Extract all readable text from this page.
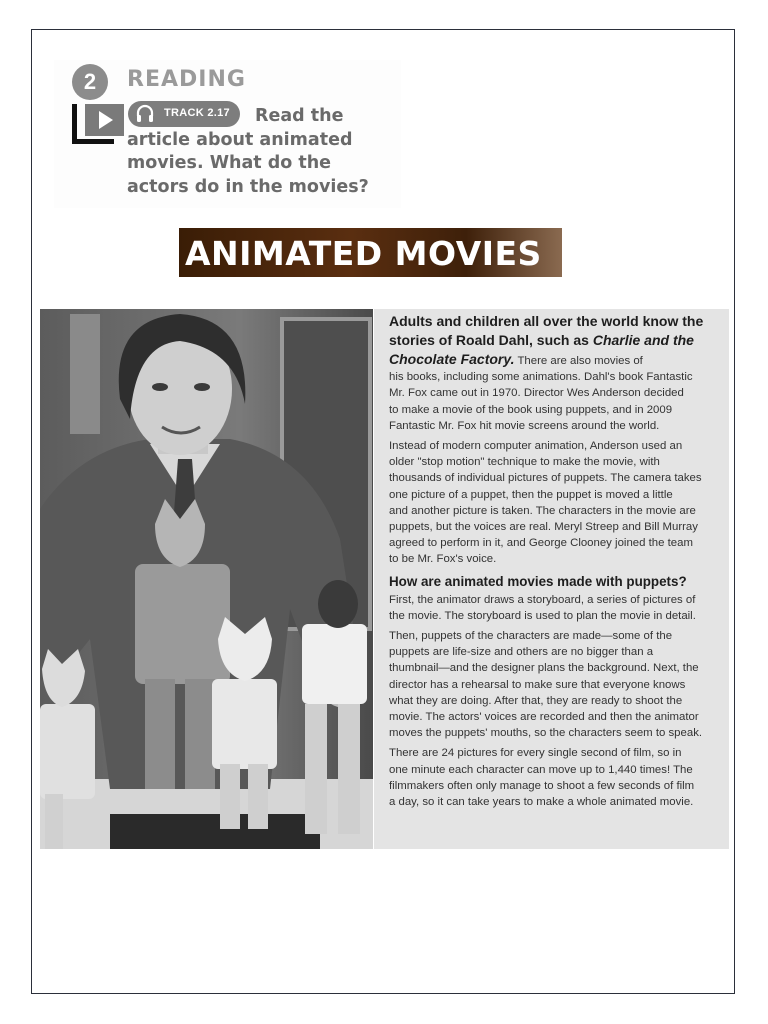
2	READING
TRACK 2.17	Read the article about animated movies. What do the actors do in the movies?
ANIMATED MOVIES

Adults and children all over the world know the stories of Roald Dahl, such as Charlie and the Chocolate Factory. There are also movies of

his books, including some animations. Dahl's book Fantastic
Mr. Fox came out in 1970. Director Wes Anderson decided
to make a movie of the book using puppets, and in 2009
Fantastic Mr. Fox hit movie screens around the world.
Instead of modern computer animation, Anderson used an
older "stop motion" technique to make the movie, with
thousands of individual pictures of puppets. The camera takes
one picture of a puppet, then the puppet is moved a little
and another picture is taken. The characters in the movie are
puppets, but the voices are real. Meryl Streep and Bill Murray
agreed to perform in it, and George Clooney joined the team
to be Mr. Fox's voice.
How are animated movies made with puppets?
First, the animator draws a storyboard, a series of pictures of
the movie. The storyboard is used to plan the movie in detail.
Then, puppets of the characters are made—some of the
puppets are life-size and others are no bigger than a
thumbnail—and the designer plans the background. Next, the
director has a rehearsal to make sure that everyone knows
what they are doing. After that, they are ready to shoot the
movie. The actors' voices are recorded and then the animator
moves the puppets' mouths, so the characters seem to speak.
There are 24 pictures for every single second of film, so in
one minute each character can move up to 1,440 times! The
filmmakers often only manage to shoot a few seconds of film
a day, so it can take years to make a whole animated movie.
